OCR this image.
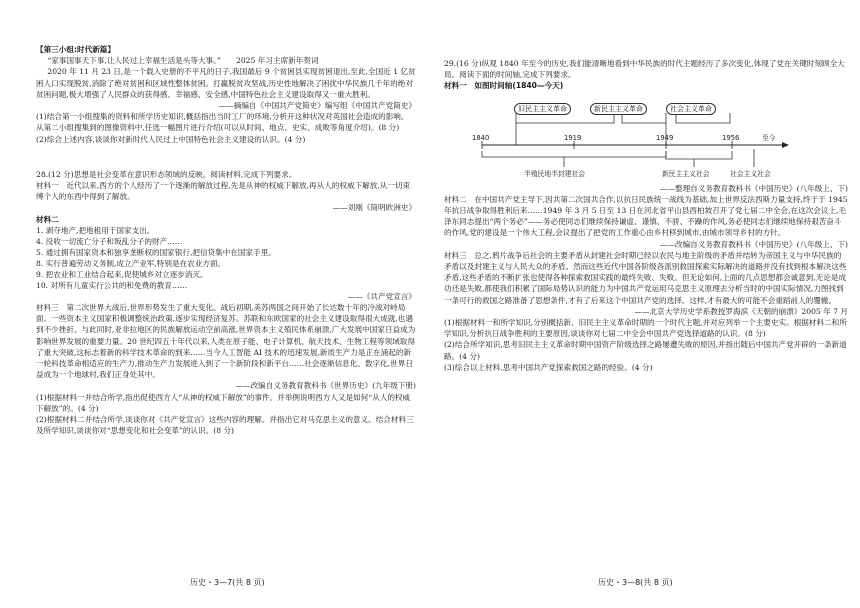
【第三小组:时代新篇】

“家事国事天下事,让人民过上幸福生活是头等大事。”　　2025 年习主席新年贺词

2020 年 11 月 23 日,是一个载入史册的不平凡的日子,我国最后 9 个贫困县实现贫困退出,至此,全国近 1 亿贫困人口实现脱贫,消除了绝对贫困和区域性整体贫困。打赢脱贫攻坚战,历史性地解决了困扰中华民族几千年的绝对贫困问题,极大增强了人民群众的获得感、幸福感、安全感,中国特色社会主义建设取得又一重大胜利。

——摘编自《中国共产党简史》编写组《中国共产党简史》

(1)结合第一小组搜集的资料和所学历史知识,概括指出当时工厂的环境,分析开这种状况对英国社会造成的影响。从第二小组搜集到的图像资料中,任选一幅图片进行介绍(可以从时间、地点、史实、成败等角度介绍)。(8 分)

(2)综合上述内容,谈谈你对新时代人民过上中国特色社会主义建设的认识。(4 分)

28.(12 分)思想是社会变革在意识形态领域的反映。阅读材料,完成下列要求。

材料一　近代以来,西方的个人经历了一个逐渐的解放过程,先是从神的权威下解放,再从人的权威下解放,从一切束缚个人的东西中得到了解放。

——刘刚《简明欧洲史》

材料二

1. 剥夺地产,把地租用于国家支出。

4. 没收一切流亡分子和叛乱分子的财产……

5. 通过拥有国家资本和独享垄断权的国家银行,把信贷集中在国家手里。

8. 实行普遍劳动义务制,成立产业军,特别是在农业方面。

9. 把农业和工业结合起来,促使城乡对立逐步消灭。

10. 对所有儿童实行公共的和免费的教育……

——《共产党宣言》

材料三　第二次世界大战后,世界形势发生了重大变化。战后初期,美苏两国之间开始了长达数十年的冷战对峙局面。一些资本主义国家积极调整统治政策,逐步实现经济复苏。苏联和东欧国家的社会主义建设取得很大成就,也遇到不少挫折。与此同时,亚非拉地区的民族解放运动空前高涨,世界资本主义殖民体系崩溃,广大发展中国家日益成为影响世界发展的重要力量。20 世纪四五十年代以来,人类在原子能、电子计算机、航天技术、生物工程等领域取得了重大突破,这标志着新的科学技术革命的到来……当今人工智能 AI 技术的迅速发展,新质生产力是正在涌起的新一轮科技革命相适应的生产力,推动生产力发展进入到了一个新阶段和新平台……社会逐渐信息化、数字化,世界日益成为一个地球村,我们正身处其中。

——改编自义务教育教科书《世界历史》(九年级下册)

(1)根据材料一并结合所学,指出促使西方人“从神的权威下解放”的事件。并举例说明西方人又是如何“从人的权威下解放”的。(4 分)

(2)根据材料二并结合所学,谈谈你对《共产党宣言》这些内容的理解。并指出它对马克思主义的意义。结合材料三及所学知识,谈谈你对“思想变化和社会变革”的认识。(8 分)

历史・3—7(共 8 页)

29.(16 分)纵观 1840 年至今的历史,我们能清晰地看到中华民族的时代主题经历了多次变化,体现了党在关键时刻顾全大局。阅读下面的时间轴,完成下列要求。

材料一　如图时间轴(1840—今天)

旧民主主义革命	新民主主义革命	社会主义革命
1840	1919	1949	1956	至今
半殖民地半封建社会	新民主主义社会	社会主义社会

——整理自义务教育教科书《中国历史》(八年级上、下)

材料二　在中国共产党主导下,因共第二次国共合作,以抗日民族统一战线为基础,加上世界反法西斯力量支持,终于于 1945 年抗日战争取得胜利后来……1949 年 3 月 5 日至 13 日在河北省平山县西柏坡召开了党七届二中全会,在这次会议上,毛泽东同志提出“两个务必”——务必使同志们继续保持谦虚、谨慎、不骄、不躁的作风,务必使同志们继续地保持艰苦奋斗的作风,党的建设是一个伟大工程,会议提出了把党的工作重心由乡村移到城市,由城市领导乡村的方针。

——改编自义务教育教科书《中国历史》(八年级上、下)

材料三　总之,鸦片战争后社会的主要矛盾从封建社会时期已经以农民与地主阶级的矛盾并结转为帝国主义与中华民族的矛盾以及封建主义与人民大众的矛盾。然而这些近代中国各阶级各派别救国探索实际解决的道路并没有找到根本解决这些矛盾,这些矛盾的不断扩张也使得各种探索救国实践的最终失败、失败。但无论如何,上面的几点思想都会诚意到,无论是成功还是失败,都使我们积累了国际局势认识的能力为中国共产党运用马克思主义原理去分析当时的中国实际情况,力图找到一条可行的救国之路准备了思想条件,才有了后来这个中国共产党的选择。这样,才有最大的可能不会重蹈前人的覆辙。

——北京大学历史学系教授罗海滨《天朝的崩溃》2005 年 7 月

(1)根据材料一和所学知识,分别概括新、旧民主主义革命时期的一个时代主题,并对应列举一个主要史实。根据材料二和所学知识,分析抗日战争胜利的主要原因,谈谈你对七届二中全会中国共产党选择道路的认识。(8 分)

(2)结合所学知识,思考旧民主主义革命时期中国资产阶级选择之路屡遭失败的原因,并指出随后中国共产党开辟的一条新道路。(4 分)

(3)综合以上材料,思考中国共产党探索救国之路的经验。(4 分)

历史・3—8(共 8 页)
